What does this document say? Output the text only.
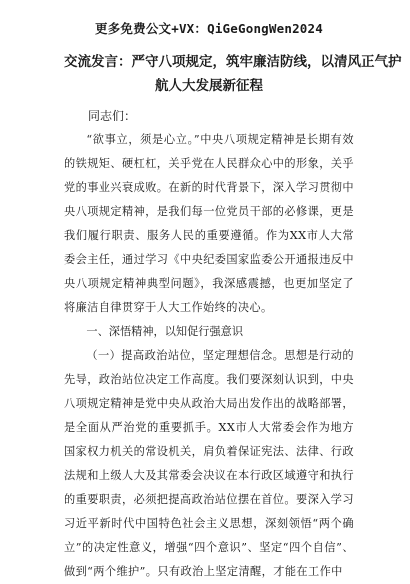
更多免费公文+VX：QiGeGongWen2024
交流发言：严守八项规定，筑牢廉洁防线，以清风正气护
航人大发展新征程
同志们：

“欲事立，须是心立。”中央八项规定精神是长期有效的铁规矩、硬杠杠，关乎党在人民群众心中的形象，关乎党的事业兴衰成败。在新的时代背景下，深入学习贯彻中央八项规定精神，是我们每一位党员干部的必修课，更是我们履行职责、服务人民的重要遵循。作为XX市人大常委会主任，通过学习《中央纪委国家监委公开通报违反中央八项规定精神典型问题》，我深感震撼，也更加坚定了将廉洁自律贯穿于人大工作始终的决心。

一、深悟精神，以知促行强意识

（一）提高政治站位，坚定理想信念。思想是行动的先导，政治站位决定工作高度。我们要深刻认识到，中央八项规定精神是党中央从政治大局出发作出的战略部署，是全面从严治党的重要抓手。XX市人大常委会作为地方国家权力机关的常设机关，肩负着保证宪法、法律、行政法规和上级人大及其常委会决议在本行政区域遵守和执行的重要职责，必须把提高政治站位摆在首位。要深入学习习近平新时代中国特色社会主义思想，深刻领悟“两个确立”的决定性意义，增强“四个意识”、坚定“四个自信”、做到“两个维护”。只有政治上坚定清醒，才能在工作中
